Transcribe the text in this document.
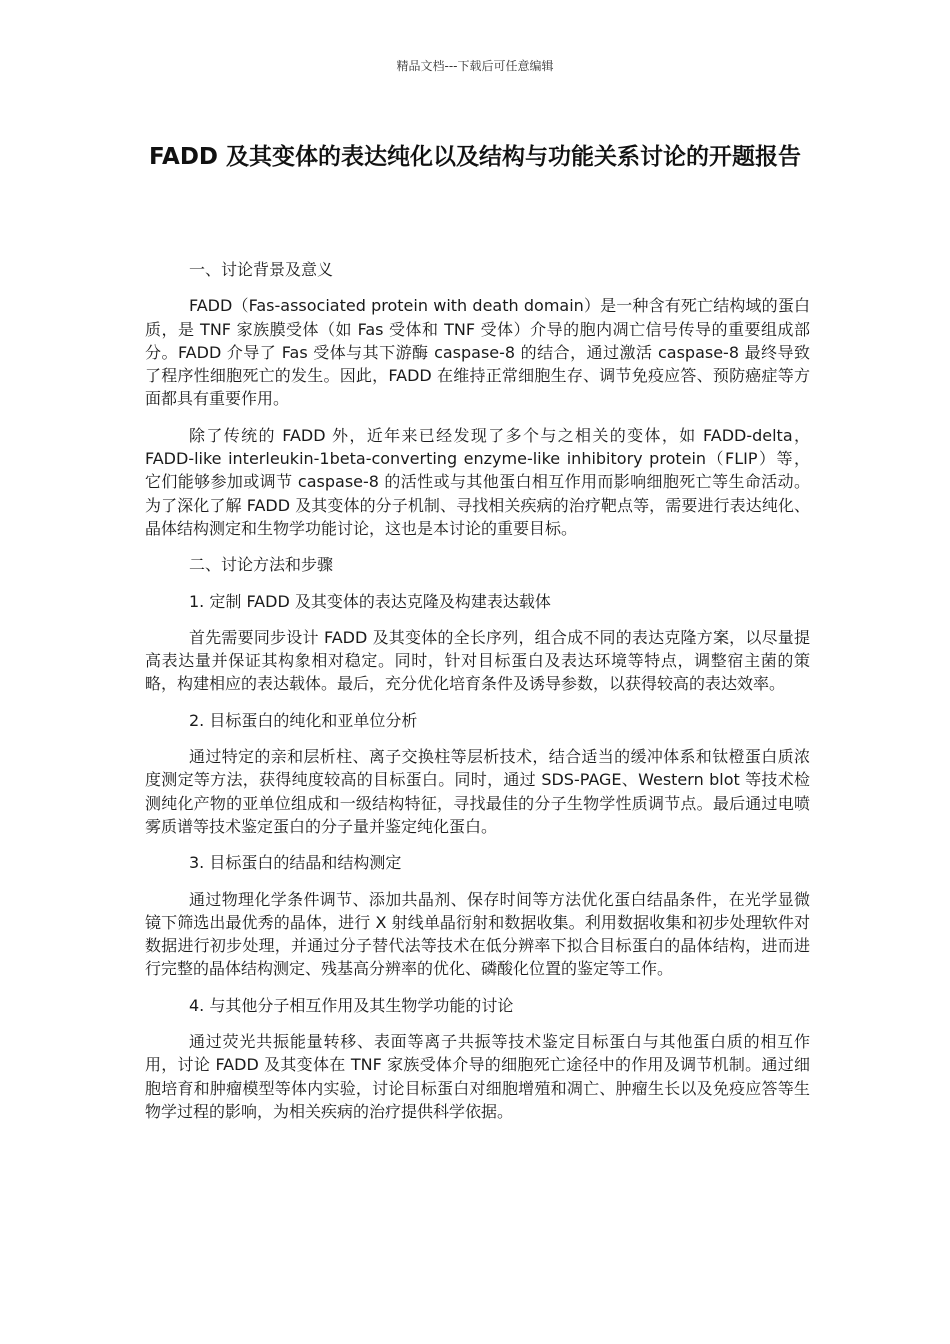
精品文档---下载后可任意编辑
FADD 及其变体的表达纯化以及结构与功能关系讨论的开题报告

一、讨论背景及意义

FADD（Fas-associated protein with death domain）是一种含有死亡结构域的蛋白质，是 TNF 家族膜受体（如 Fas 受体和 TNF 受体）介导的胞内凋亡信号传导的重要组成部分。FADD 介导了 Fas 受体与其下游酶 caspase-8 的结合，通过激活 caspase-8 最终导致了程序性细胞死亡的发生。因此，FADD 在维持正常细胞生存、调节免疫应答、预防癌症等方面都具有重要作用。

除了传统的 FADD 外，近年来已经发现了多个与之相关的变体，如 FADD-delta，FADD-like interleukin-1beta-converting enzyme-like inhibitory protein（FLIP）等，它们能够参加或调节 caspase-8 的活性或与其他蛋白相互作用而影响细胞死亡等生命活动。为了深化了解 FADD 及其变体的分子机制、寻找相关疾病的治疗靶点等，需要进行表达纯化、晶体结构测定和生物学功能讨论，这也是本讨论的重要目标。

二、讨论方法和步骤

1. 定制 FADD 及其变体的表达克隆及构建表达载体

首先需要同步设计 FADD 及其变体的全长序列，组合成不同的表达克隆方案，以尽量提高表达量并保证其构象相对稳定。同时，针对目标蛋白及表达环境等特点，调整宿主菌的策略，构建相应的表达载体。最后，充分优化培育条件及诱导参数，以获得较高的表达效率。

2. 目标蛋白的纯化和亚单位分析

通过特定的亲和层析柱、离子交换柱等层析技术，结合适当的缓冲体系和钛橙蛋白质浓度测定等方法，获得纯度较高的目标蛋白。同时，通过 SDS-PAGE、Western blot 等技术检测纯化产物的亚单位组成和一级结构特征，寻找最佳的分子生物学性质调节点。最后通过电喷雾质谱等技术鉴定蛋白的分子量并鉴定纯化蛋白。

3. 目标蛋白的结晶和结构测定

通过物理化学条件调节、添加共晶剂、保存时间等方法优化蛋白结晶条件，在光学显微镜下筛选出最优秀的晶体，进行 X 射线单晶衍射和数据收集。利用数据收集和初步处理软件对数据进行初步处理，并通过分子替代法等技术在低分辨率下拟合目标蛋白的晶体结构，进而进行完整的晶体结构测定、残基高分辨率的优化、磷酸化位置的鉴定等工作。

4. 与其他分子相互作用及其生物学功能的讨论

通过荧光共振能量转移、表面等离子共振等技术鉴定目标蛋白与其他蛋白质的相互作用，讨论 FADD 及其变体在 TNF 家族受体介导的细胞死亡途径中的作用及调节机制。通过细胞培育和肿瘤模型等体内实验，讨论目标蛋白对细胞增殖和凋亡、肿瘤生长以及免疫应答等生物学过程的影响，为相关疾病的治疗提供科学依据。
